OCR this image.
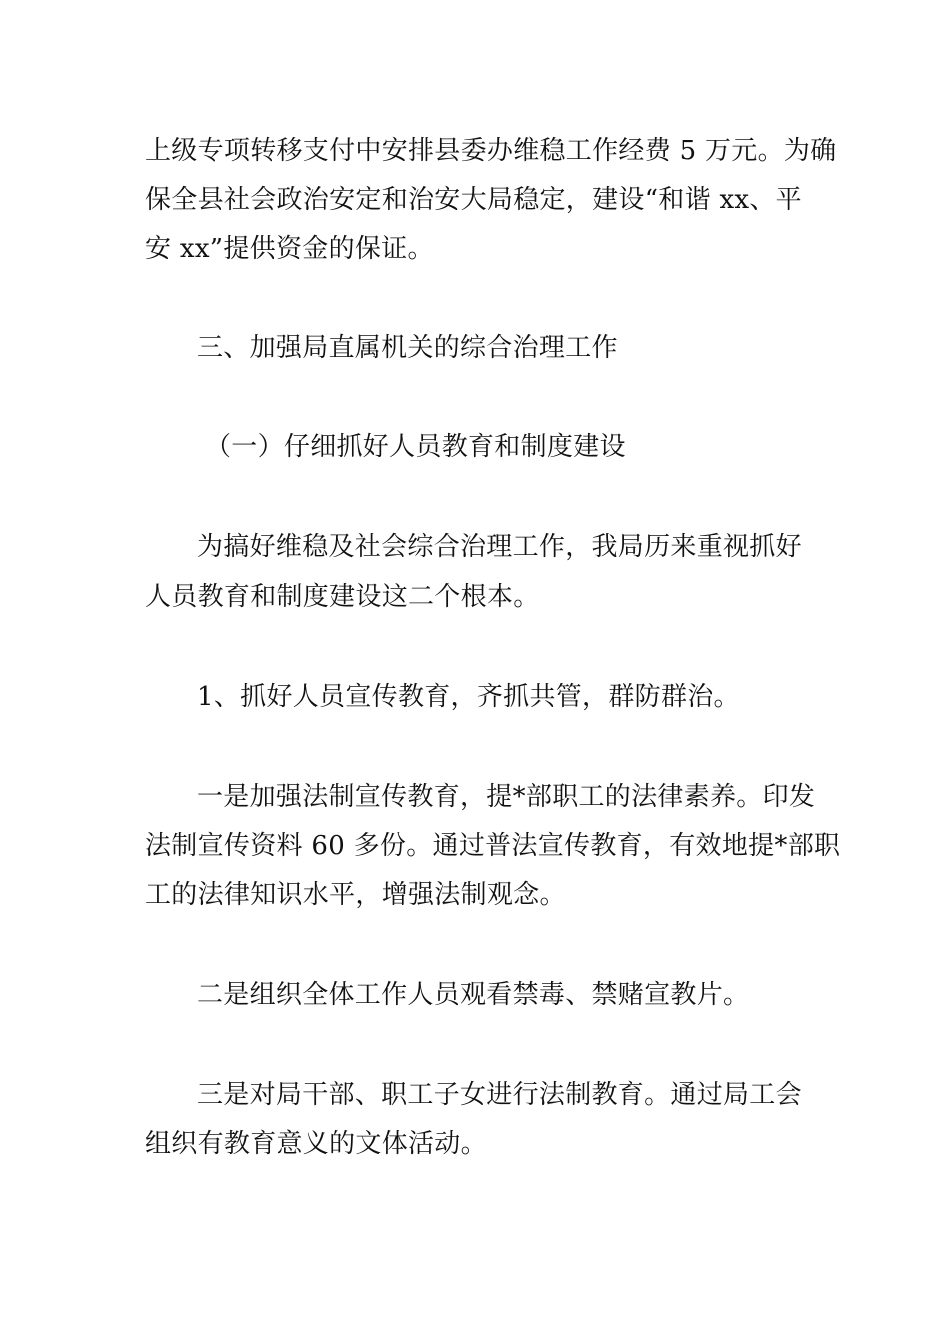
上级专项转移支付中安排县委办维稳工作经费 5 万元。为确
保全县社会政治安定和治安大局稳定，建设“和谐 xx、平
安 xx”提供资金的保证。
三、加强局直属机关的综合治理工作
（一）仔细抓好人员教育和制度建设
为搞好维稳及社会综合治理工作，我局历来重视抓好
人员教育和制度建设这二个根本。
1、抓好人员宣传教育，齐抓共管，群防群治。
一是加强法制宣传教育，提*部职工的法律素养。印发
法制宣传资料 60 多份。通过普法宣传教育，有效地提*部职
工的法律知识水平，增强法制观念。
二是组织全体工作人员观看禁毒、禁赌宣教片。
三是对局干部、职工子女进行法制教育。通过局工会
组织有教育意义的文体活动。
